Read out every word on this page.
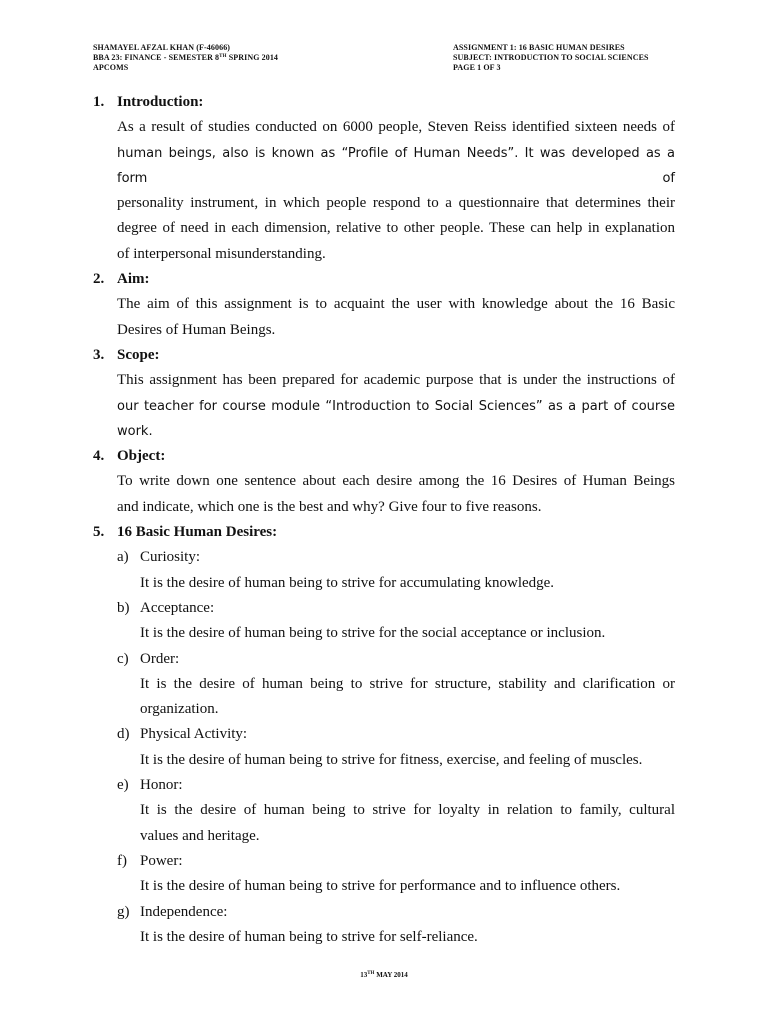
SHAMAYEL AFZAL KHAN (F-46066)
BBA 23: FINANCE - SEMESTER 8TH SPRING 2014
APCOMS
ASSIGNMENT 1: 16 BASIC HUMAN DESIRES
SUBJECT: INTRODUCTION TO SOCIAL SCIENCES
PAGE 1 OF 3
1. Introduction:
As a result of studies conducted on 6000 people, Steven Reiss identified sixteen needs of
human beings, also is known as “Profile of Human Needs”. It was developed as a form of
personality instrument, in which people respond to a questionnaire that determines their
degree of need in each dimension, relative to other people. These can help in explanation
of interpersonal misunderstanding.
2. Aim:
The aim of this assignment is to acquaint the user with knowledge about the 16 Basic
Desires of Human Beings.
3. Scope:
This assignment has been prepared for academic purpose that is under the instructions of
our teacher for course module “Introduction to Social Sciences” as a part of course work.
4. Object:
To write down one sentence about each desire among the 16 Desires of Human Beings
and indicate, which one is the best and why? Give four to five reasons.
5. 16 Basic Human Desires:
a) Curiosity:
It is the desire of human being to strive for accumulating knowledge.
b) Acceptance:
It is the desire of human being to strive for the social acceptance or inclusion.
c) Order:
It is the desire of human being to strive for structure, stability and clarification or
organization.
d) Physical Activity:
It is the desire of human being to strive for fitness, exercise, and feeling of muscles.
e) Honor:
It is the desire of human being to strive for loyalty in relation to family, cultural
values and heritage.
f) Power:
It is the desire of human being to strive for performance and to influence others.
g) Independence:
It is the desire of human being to strive for self-reliance.
13TH MAY 2014
